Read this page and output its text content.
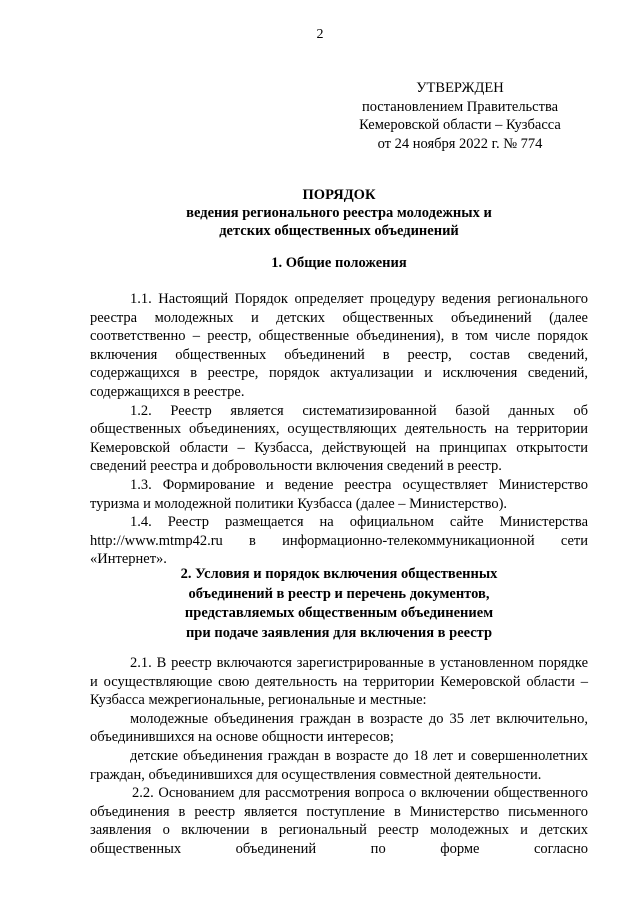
2
УТВЕРЖДЕН
постановлением Правительства
Кемеровской области – Кузбасса
от 24 ноября 2022 г. № 774
ПОРЯДОК
ведения регионального реестра молодежных и
детских общественных объединений
1. Общие положения

1.1. Настоящий Порядок определяет процедуру ведения регионального реестра молодежных и детских общественных объединений (далее соответственно – реестр, общественные объединения), в том числе порядок включения общественных объединений в реестр, состав сведений, содержащихся в реестре, порядок актуализации и исключения сведений, содержащихся в реестре.

1.2. Реестр является систематизированной базой данных об общественных объединениях, осуществляющих деятельность на территории Кемеровской области – Кузбасса, действующей на принципах открытости сведений реестра и добровольности включения сведений в реестр.

1.3. Формирование и ведение реестра осуществляет Министерство туризма и молодежной политики Кузбасса (далее – Министерство).

1.4. Реестр размещается на официальном сайте Министерства http://www.mtmp42.ru в информационно-телекоммуникационной сети «Интернет».

2. Условия и порядок включения общественных
объединений в реестр и перечень документов,
представляемых общественным объединением
при подаче заявления для включения в реестр

2.1. В реестр включаются зарегистрированные в установленном порядке и осуществляющие свою деятельность на территории Кемеровской области – Кузбасса межрегиональные, региональные и местные:

молодежные объединения граждан в возрасте до 35 лет включительно, объединившихся на основе общности интересов;

детские объединения граждан в возрасте до 18 лет и совершеннолетних граждан, объединившихся для осуществления совместной деятельности.

2.2. Основанием для рассмотрения вопроса о включении общественного объединения в реестр является поступление в Министерство письменного заявления о включении в региональный реестр молодежных и детских общественных объединений по форме согласно
